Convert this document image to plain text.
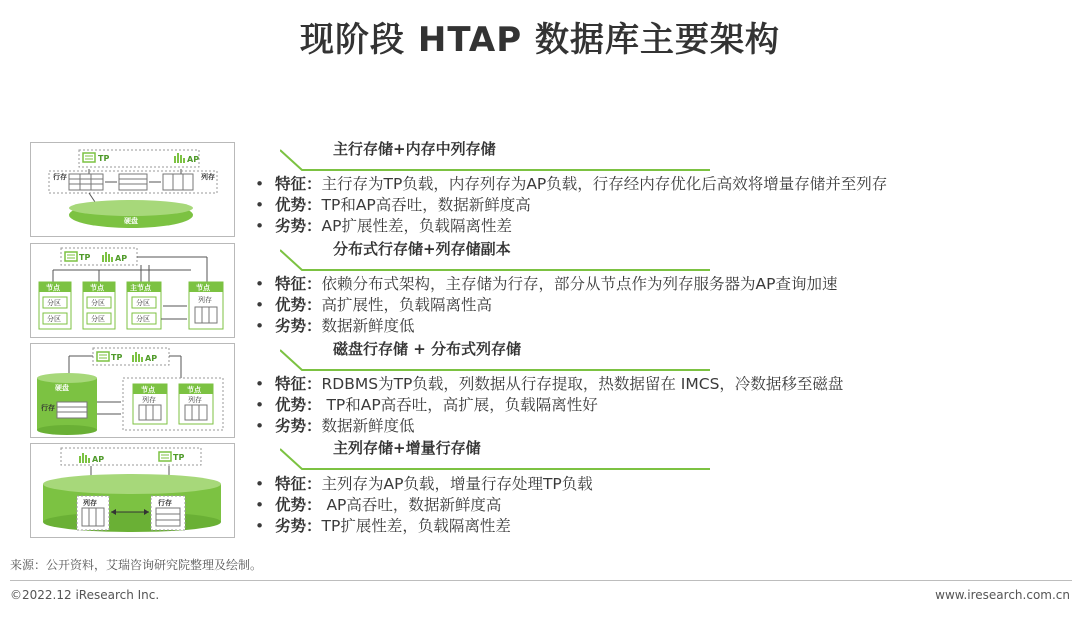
现阶段 HTAP 数据库主要架构
TP	AP
行存	列存
硬盘
TP	AP
节点
分区
分区
节点
分区
分区
主节点
分区
分区
节点
列存
TP	AP
硬盘
行存
节点
列存
节点
列存
AP	TP
列存	行存
主行存储+内存中列存储
• 特征：主行存为TP负载，内存列存为AP负载，行存经内存优化后高效将增量存储并至列存
• 优势：TP和AP高吞吐，数据新鲜度高
• 劣势：AP扩展性差，负载隔离性差
分布式行存储+列存储副本
• 特征：依赖分布式架构，主存储为行存，部分从节点作为列存服务器为AP查询加速
• 优势：高扩展性，负载隔离性高
• 劣势：数据新鲜度低
磁盘行存储 + 分布式列存储
• 特征：RDBMS为TP负载，列数据从行存提取，热数据留在 IMCS，冷数据移至磁盘
• 优势： TP和AP高吞吐，高扩展，负载隔离性好
• 劣势：数据新鲜度低
主列存储+增量行存储
• 特征：主列存为AP负载，增量行存处理TP负载
• 优势： AP高吞吐，数据新鲜度高
• 劣势：TP扩展性差，负载隔离性差
来源：公开资料，艾瑞咨询研究院整理及绘制。
©2022.12 iResearch Inc.	www.iresearch.com.cn
